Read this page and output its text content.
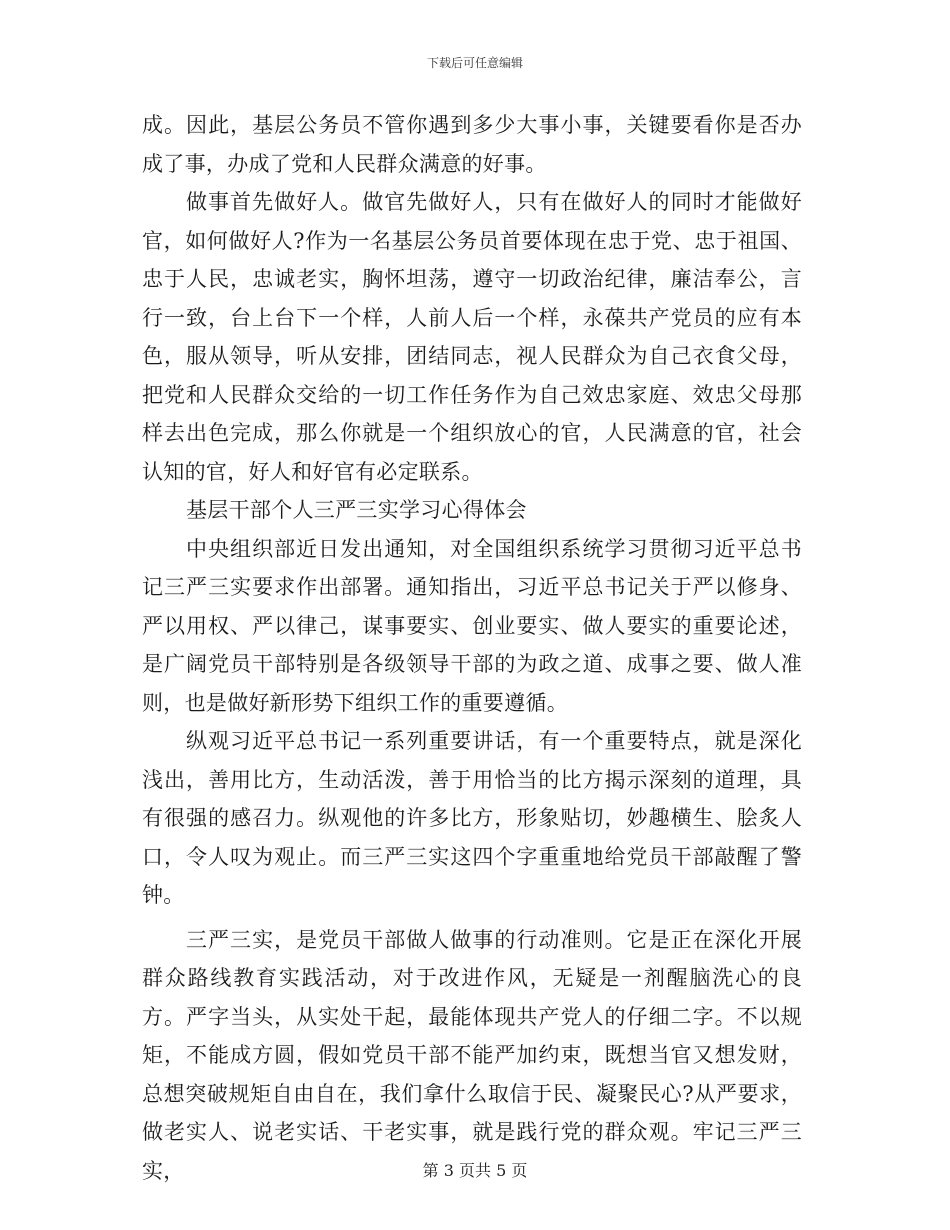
下载后可任意编辑

成。因此，基层公务员不管你遇到多少大事小事，关键要看你是否办成了事，办成了党和人民群众满意的好事。

做事首先做好人。做官先做好人，只有在做好人的同时才能做好官，如何做好人?作为一名基层公务员首要体现在忠于党、忠于祖国、忠于人民，忠诚老实，胸怀坦荡，遵守一切政治纪律，廉洁奉公，言行一致，台上台下一个样，人前人后一个样，永葆共产党员的应有本色，服从领导，听从安排，团结同志，视人民群众为自己衣食父母，把党和人民群众交给的一切工作任务作为自己效忠家庭、效忠父母那样去出色完成，那么你就是一个组织放心的官，人民满意的官，社会认知的官，好人和好官有必定联系。

基层干部个人三严三实学习心得体会

中央组织部近日发出通知，对全国组织系统学习贯彻习近平总书记三严三实要求作出部署。通知指出，习近平总书记关于严以修身、严以用权、严以律己，谋事要实、创业要实、做人要实的重要论述，是广阔党员干部特别是各级领导干部的为政之道、成事之要、做人准则，也是做好新形势下组织工作的重要遵循。

纵观习近平总书记一系列重要讲话，有一个重要特点，就是深化浅出，善用比方，生动活泼，善于用恰当的比方揭示深刻的道理，具有很强的感召力。纵观他的许多比方，形象贴切，妙趣横生、脍炙人口，令人叹为观止。而三严三实这四个字重重地给党员干部敲醒了警钟。

三严三实，是党员干部做人做事的行动准则。它是正在深化开展群众路线教育实践活动，对于改进作风，无疑是一剂醒脑洗心的良方。严字当头，从实处干起，最能体现共产党人的仔细二字。不以规矩，不能成方圆，假如党员干部不能严加约束，既想当官又想发财，总想突破规矩自由自在，我们拿什么取信于民、凝聚民心?从严要求，做老实人、说老实话、干老实事，就是践行党的群众观。牢记三严三实，	第 3 页共 5 页
